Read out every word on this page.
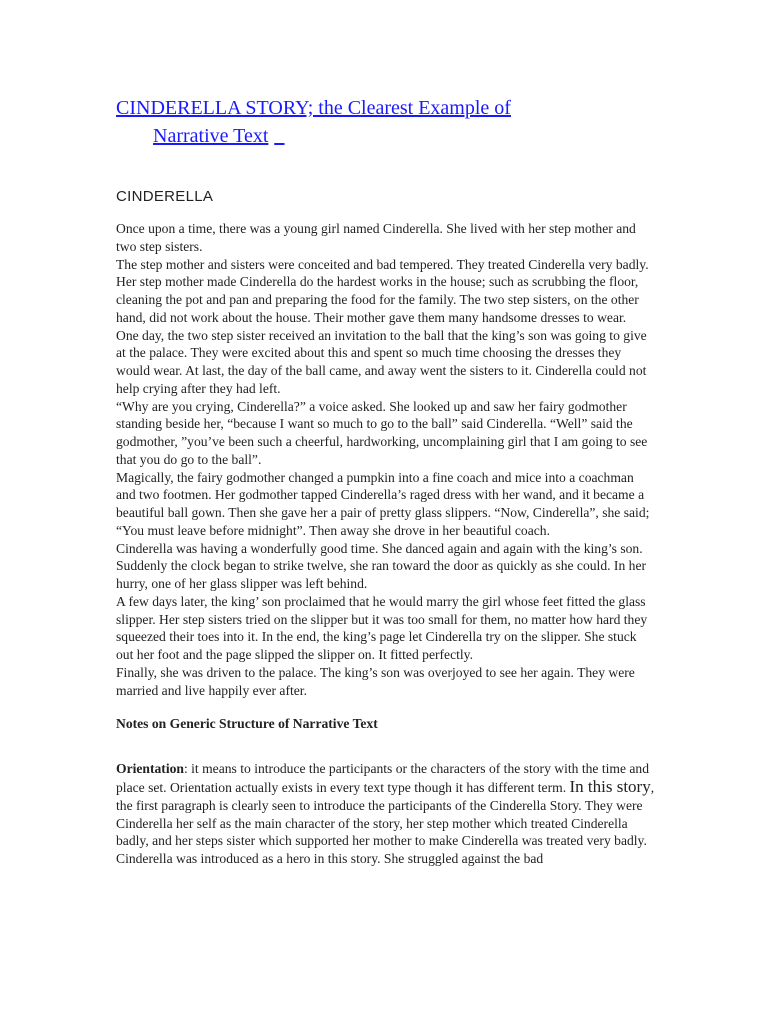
CINDERELLA STORY; the Clearest Example of
Narrative Text _
CINDERELLA

Once upon a time, there was a young girl named Cinderella. She lived with her step mother and two step sisters.

The step mother and sisters were conceited and bad tempered. They treated Cinderella very badly. Her step mother made Cinderella do the hardest works in the house; such as scrubbing the floor, cleaning the pot and pan and preparing the food for the family. The two step sisters, on the other hand, did not work about the house. Their mother gave them many handsome dresses to wear.

One day, the two step sister received an invitation to the ball that the king’s son was going to give at the palace. They were excited about this and spent so much time choosing the dresses they would wear. At last, the day of the ball came, and away went the sisters to it. Cinderella could not help crying after they had left.

“Why are you crying, Cinderella?” a voice asked. She looked up and saw her fairy godmother standing beside her, “because I want so much to go to the ball” said Cinderella. “Well” said the godmother, ”you’ve been such a cheerful, hardworking, uncomplaining girl that I am going to see that you do go to the ball”.

Magically, the fairy godmother changed a pumpkin into a fine coach and mice into a coachman and two footmen. Her godmother tapped Cinderella’s raged dress with her wand, and it became a beautiful ball gown. Then she gave her a pair of pretty glass slippers. “Now, Cinderella”, she said; “You must leave before midnight”. Then away she drove in her beautiful coach.

Cinderella was having a wonderfully good time. She danced again and again with the king’s son. Suddenly the clock began to strike twelve, she ran toward the door as quickly as she could. In her hurry, one of her glass slipper was left behind.

A few days later, the king’ son proclaimed that he would marry the girl whose feet fitted the glass slipper. Her step sisters tried on the slipper but it was too small for them, no matter how hard they squeezed their toes into it. In the end, the king’s page let Cinderella try on the slipper. She stuck out her foot and the page slipped the slipper on. It fitted perfectly.

Finally, she was driven to the palace. The king’s son was overjoyed to see her again. They were married and live happily ever after.

Notes on Generic Structure of Narrative Text

Orientation: it means to introduce the participants or the characters of the story with the time and place set. Orientation actually exists in every text type though it has different term. In this story, the first paragraph is clearly seen to introduce the participants of the Cinderella Story. They were Cinderella her self as the main character of the story, her step mother which treated Cinderella badly, and her steps sister which supported her mother to make Cinderella was treated very badly. Cinderella was introduced as a hero in this story. She struggled against the bad
